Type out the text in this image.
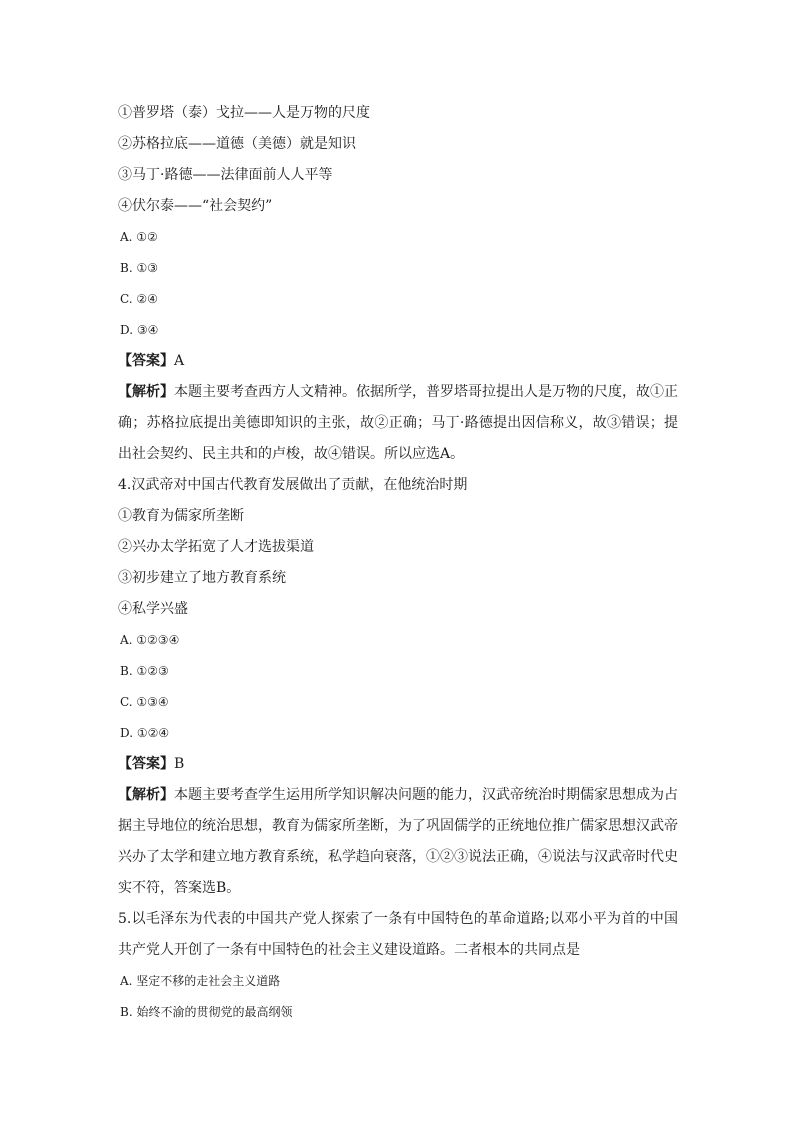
①普罗塔（泰）戈拉——人是万物的尺度
②苏格拉底——道德（美德）就是知识
③马丁·路德——法律面前人人平等
④伏尔泰——“社会契约”
A. ①②
B. ①③
C. ②④
D. ③④
【答案】A
【解析】本题主要考查西方人文精神。依据所学，普罗塔哥拉提出人是万物的尺度，故①正确；苏格拉底提出美德即知识的主张，故②正确；马丁·路德提出因信称义，故③错误；提出社会契约、民主共和的卢梭，故④错误。所以应选A。
4.汉武帝对中国古代教育发展做出了贡献，在他统治时期
①教育为儒家所垄断
②兴办太学拓宽了人才选拔渠道
③初步建立了地方教育系统
④私学兴盛
A. ①②③④
B. ①②③
C. ①③④
D. ①②④
【答案】B
【解析】本题主要考查学生运用所学知识解决问题的能力，汉武帝统治时期儒家思想成为占据主导地位的统治思想，教育为儒家所垄断，为了巩固儒学的正统地位推广儒家思想汉武帝兴办了太学和建立地方教育系统，私学趋向衰落，①②③说法正确，④说法与汉武帝时代史实不符，答案选B。
5.以毛泽东为代表的中国共产党人探索了一条有中国特色的革命道路;以邓小平为首的中国共产党人开创了一条有中国特色的社会主义建设道路。二者根本的共同点是
A. 坚定不移的走社会主义道路
B. 始终不渝的贯彻党的最高纲领
